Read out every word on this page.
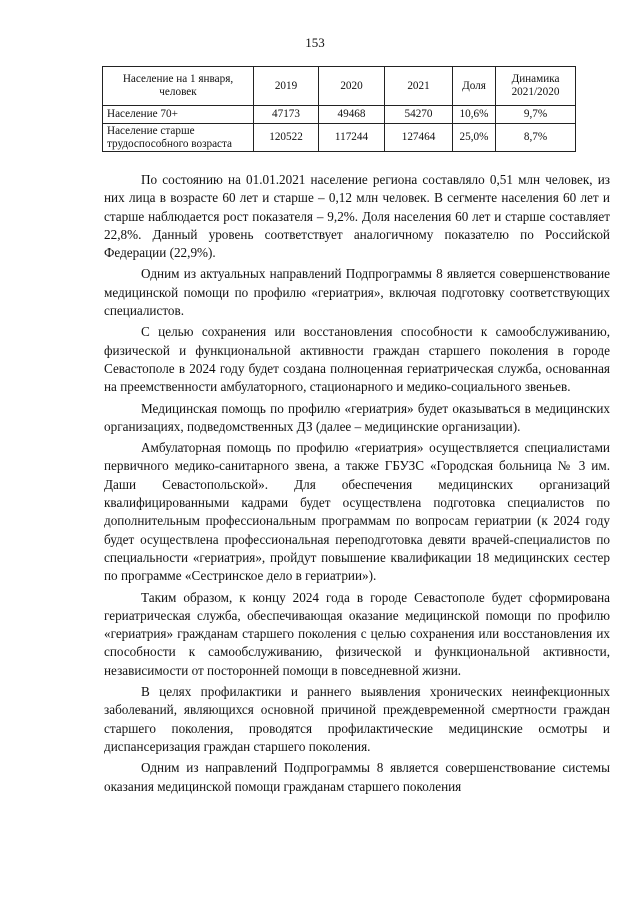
153
Население на 1 января, человек	2019	2020	2021	Доля	Динамика 2021/2020
Население 70+	47173	49468	54270	10,6%	9,7%
Население старше трудоспособного возраста	120522	117244	127464	25,0%	8,7%

По состоянию на 01.01.2021 население региона составляло 0,51 млн человек, из них лица в возрасте 60 лет и старше – 0,12 млн человек. В сегменте населения 60 лет и старше наблюдается рост показателя – 9,2%. Доля населения 60 лет и старше составляет 22,8%. Данный уровень соответствует аналогичному показателю по Российской Федерации (22,9%).

Одним из актуальных направлений Подпрограммы 8 является совершенствование медицинской помощи по профилю «гериатрия», включая подготовку соответствующих специалистов.

С целью сохранения или восстановления способности к самообслуживанию, физической и функциональной активности граждан старшего поколения в городе Севастополе в 2024 году будет создана полноценная гериатрическая служба, основанная на преемственности амбулаторного, стационарного и медико-социального звеньев.

Медицинская помощь по профилю «гериатрия» будет оказываться в медицинских организациях, подведомственных ДЗ (далее – медицинские организации).

Амбулаторная помощь по профилю «гериатрия» осуществляется специалистами первичного медико-санитарного звена, а также ГБУЗС «Городская больница № 3 им. Даши Севастопольской». Для обеспечения медицинских организаций квалифицированными кадрами будет осуществлена подготовка специалистов по дополнительным профессиональным программам по вопросам гериатрии (к 2024 году будет осуществлена профессиональная переподготовка девяти врачей-специалистов по специальности «гериатрия», пройдут повышение квалификации 18 медицинских сестер по программе «Сестринское дело в гериатрии»).

Таким образом, к концу 2024 года в городе Севастополе будет сформирована гериатрическая служба, обеспечивающая оказание медицинской помощи по профилю «гериатрия» гражданам старшего поколения с целью сохранения или восстановления их способности к самообслуживанию, физической и функциональной активности, независимости от посторонней помощи в повседневной жизни.

В целях профилактики и раннего выявления хронических неинфекционных заболеваний, являющихся основной причиной преждевременной смертности граждан старшего поколения, проводятся профилактические медицинские осмотры и диспансеризация граждан старшего поколения.

Одним из направлений Подпрограммы 8 является совершенствование системы оказания медицинской помощи гражданам старшего поколения
